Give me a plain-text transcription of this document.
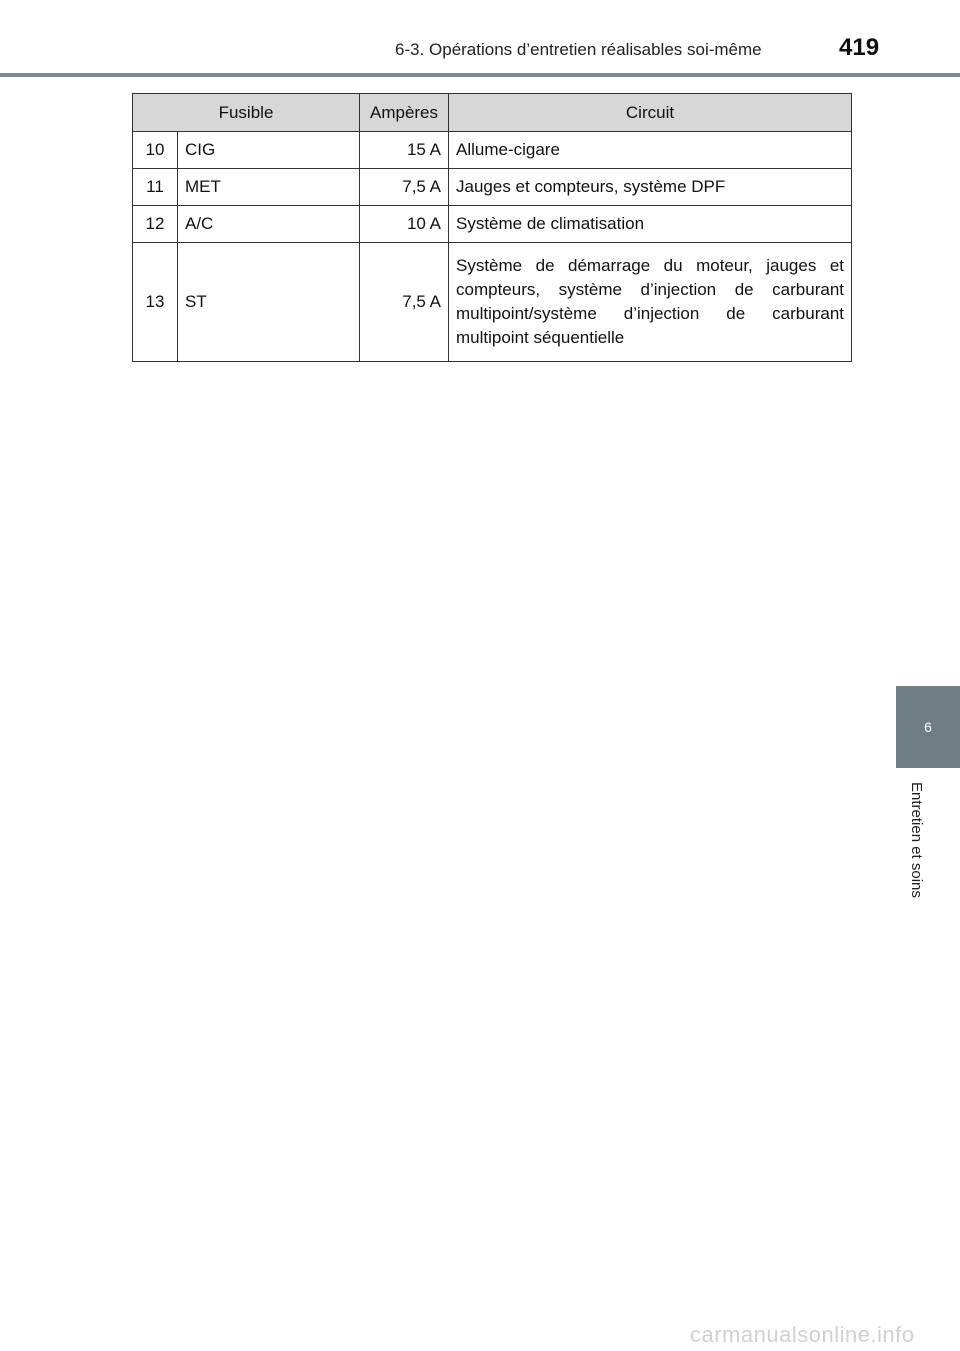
6-3. Opérations d’entretien réalisables soi-même	419
Fusible		Ampères	Circuit
10	CIG	15 A	Allume-cigare
11	MET	7,5 A	Jauges et compteurs, système DPF
12	A/C	10 A	Système de climatisation
13	ST	7,5 A	Système de démarrage du moteur, jauges et compteurs, système d’injection de carburant multipoint/système d’injection de carburant multipoint séquentielle
6
Entretien et soins
carmanualsonline.info
